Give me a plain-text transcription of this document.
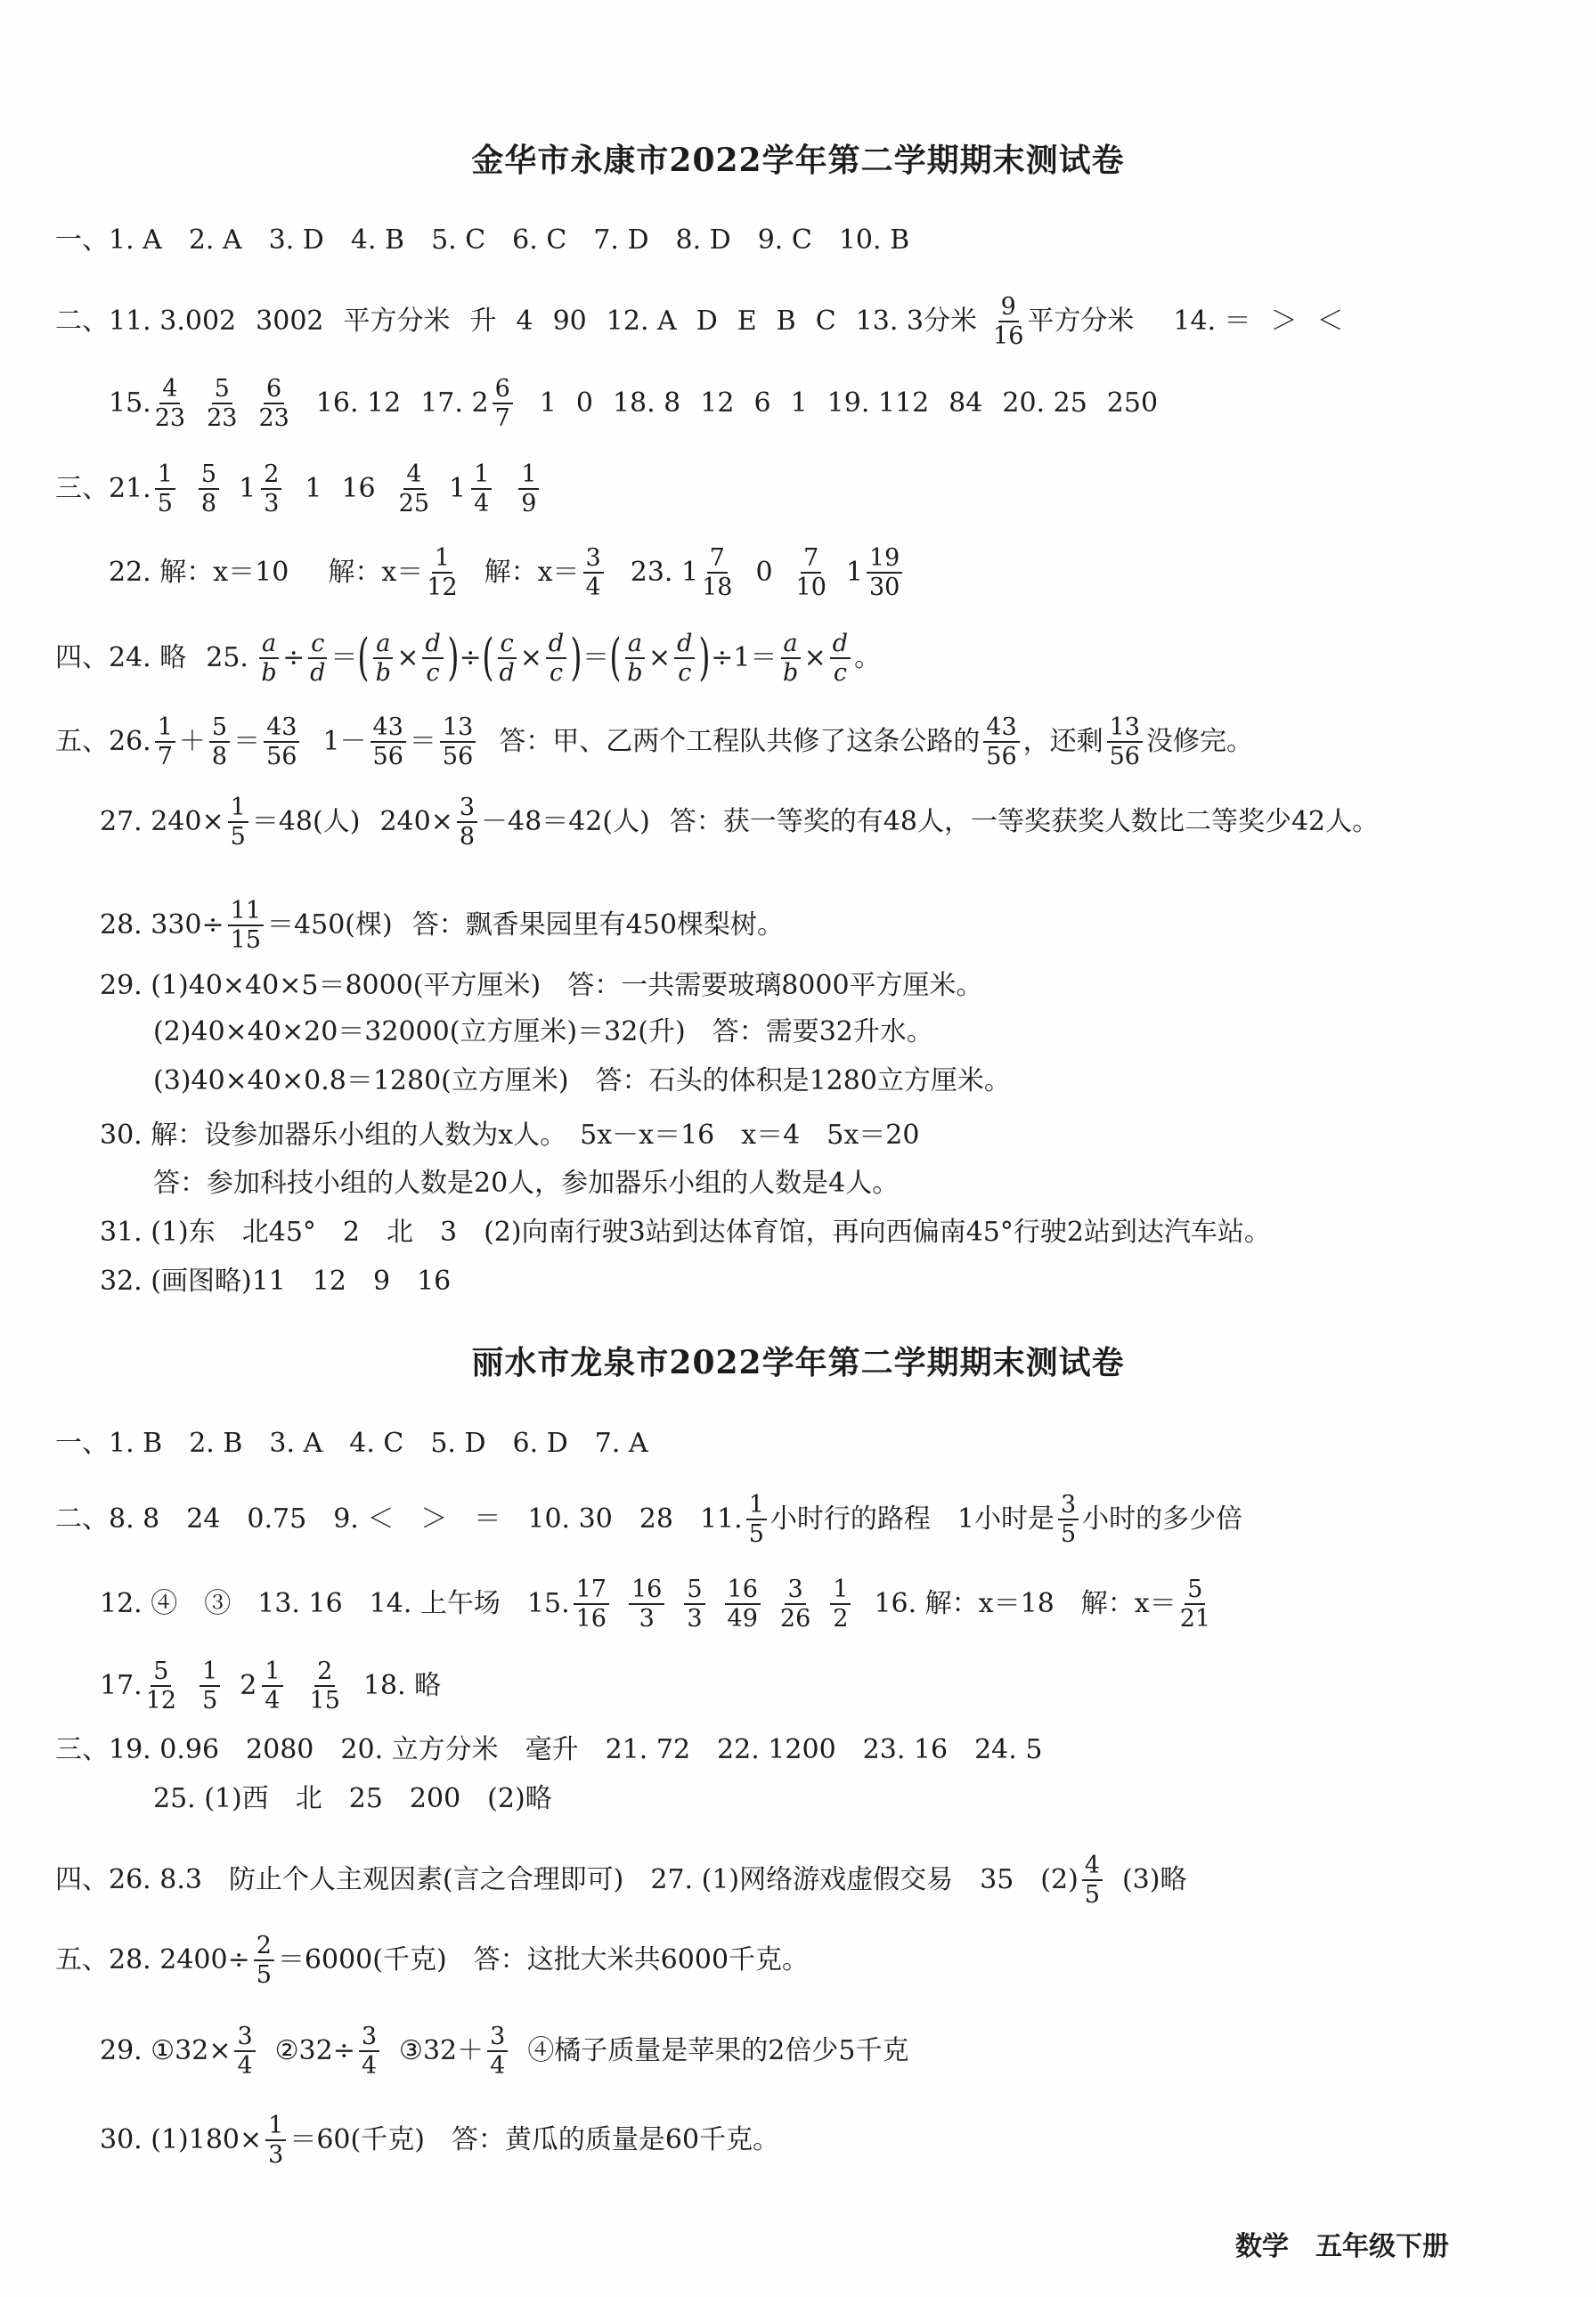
金华市永康市2022学年第二学期期末测试卷
一、1. A　2. A　3. D　4. B　5. C　6. C　7. D　8. D　9. C　10. B
二、11. 3.002 3002 平方分米 升 4 90 12. A D E B C 13. 3分米 9
16 平方分米 14. ＝ ＞ ＜
15. 4
23
5
23
6
23 16. 12 17. 2 6
7 1 0 18. 8 12 6 1 19. 112 84 20. 25 250
三、21. 1
5
5
8 1 2
3 1 16 4
25 1 1
4
1
9
22. 解：x＝10 解：x＝ 1
12 解：x＝ 3
4 23. 1 7
18 0 7
10 1 19
30
四、24. 略 25. $\frac{a}{b} \div \frac{c}{d}$ ＝ ( $\frac{a}{b} \times \frac{d}{c}$ ) ÷ ( $\frac{c}{d} \times \frac{d}{c}$ ) ＝ ( $\frac{a}{b} \times \frac{d}{c}$ ) $\div 1= \frac{a}{b} \times \frac{d}{c}$ 。
五、26. 1
7 ＋ 5
8 ＝ 43
56 1－ 43
56 ＝ 13
56 答：甲、乙两个工程队共修了这条公路的 43
56 ，还剩 13
56 没修完。
27. $240\times \frac{1}{5} =48$(人) $240\times \frac{3}{8} -48=42$(人) 答：获一等奖的有48人，一等奖获奖人数比二等奖少42人。
28. $330\div \frac{11}{15} =450$(棵) 答：飘香果园里有450棵梨树。
29. (1)40×40×5＝8000(平方厘米)　答：一共需要玻璃8000平方厘米。
(2)40×40×20＝32000(立方厘米)＝32(升)　答：需要32升水。
(3)40×40×0.8＝1280(立方厘米)　答：石头的体积是1280立方厘米。
30. 解：设参加器乐小组的人数为x人。　5x－x＝16　x＝4　5x＝20
答：参加科技小组的人数是20人，参加器乐小组的人数是4人。
31. (1)东　北45°　2　北　3　(2)向南行驶3站到达体育馆，再向西偏南45°行驶2站到达汽车站。
32. (画图略)11　12　9　16
丽水市龙泉市2022学年第二学期期末测试卷
一、1. B　2. B　3. A　4. C　5. D　6. D　7. A
二、8. 8　24　0.75　9. ＜　＞　＝　10. 30　28　11. 1
5 小时行的路程　1小时是 3
5 小时的多少倍
12. ④　③　13. 16　14. 上午场　15. 17
16
16
3
5
3
16
49
3
26
1
2 16. 解：x＝18　解：x＝ 5
21
17. 5
12
1
5 2 1
4
2
15 18. 略
三、19. 0.96　2080　20. 立方分米　毫升　21. 72　22. 1200　23. 16　24. 5
25. (1)西　北　25　200　(2)略
四、26. 8.3　防止个人主观因素(言之合理即可)　27. (1)网络游戏虚假交易　35　(2) 4
5 (3)略
五、28. $2400\div \frac{2}{5} =6000$(千克)　答：这批大米共6000千克。
29. ①32× $\frac{3}{4}$ ②32÷ $\frac{3}{4}$ ③32＋ 3
4 ④橘子质量是苹果的2倍少5千克
30. $(1)180\times \frac{1}{3} =60$(千克)　答：黄瓜的质量是60千克。
数学　五年级下册
